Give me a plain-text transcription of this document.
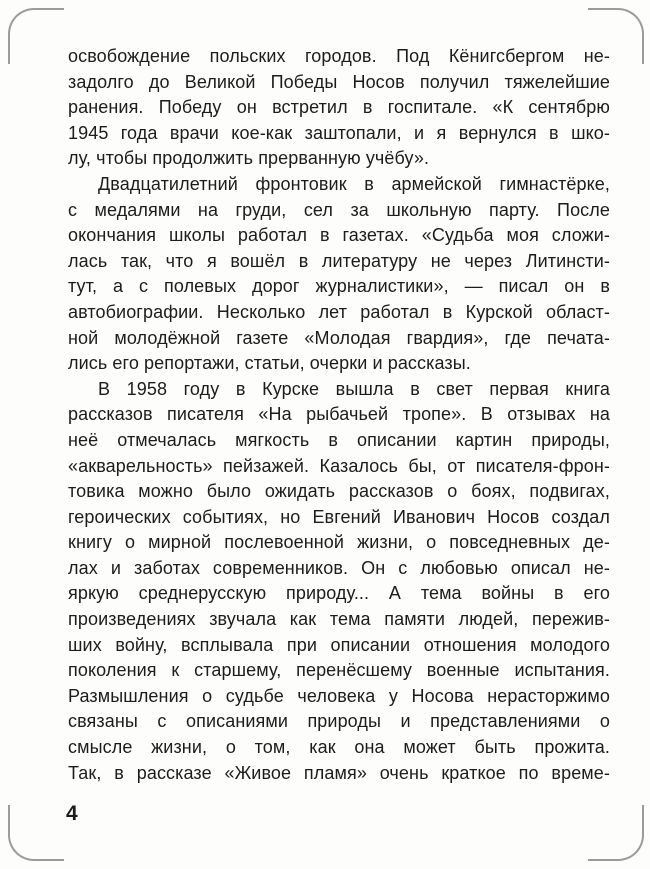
освобождение польских городов. Под Кёнигсбергом не-
задолго до Великой Победы Носов получил тяжелейшие
ранения. Победу он встретил в госпитале. «К сентябрю
1945 года врачи кое-как заштопали, и я вернулся в шко-
лу, чтобы продолжить прерванную учёбу».
Двадцатилетний фронтовик в армейской гимнастёрке,
с медалями на груди, сел за школьную парту. После
окончания школы работал в газетах. «Судьба моя сложи-
лась так, что я вошёл в литературу не через Литинсти-
тут, а с полевых дорог журналистики», — писал он в
автобиографии. Несколько лет работал в Курской област-
ной молодёжной газете «Молодая гвардия», где печата-
лись его репортажи, статьи, очерки и рассказы.
В 1958 году в Курске вышла в свет первая книга
рассказов писателя «На рыбачьей тропе». В отзывах на
неё отмечалась мягкость в описании картин природы,
«акварельность» пейзажей. Казалось бы, от писателя-фрон-
товика можно было ожидать рассказов о боях, подвигах,
героических событиях, но Евгений Иванович Носов создал
книгу о мирной послевоенной жизни, о повседневных де-
лах и заботах современников. Он с любовью описал не-
яркую среднерусскую природу... А тема войны в его
произведениях звучала как тема памяти людей, пережив-
ших войну, всплывала при описании отношения молодого
поколения к старшему, перенёсшему военные испытания.
Размышления о судьбе человека у Носова нерасторжимо
связаны с описаниями природы и представлениями о
смысле жизни, о том, как она может быть прожита.
Так, в рассказе «Живое пламя» очень краткое по време-
4
